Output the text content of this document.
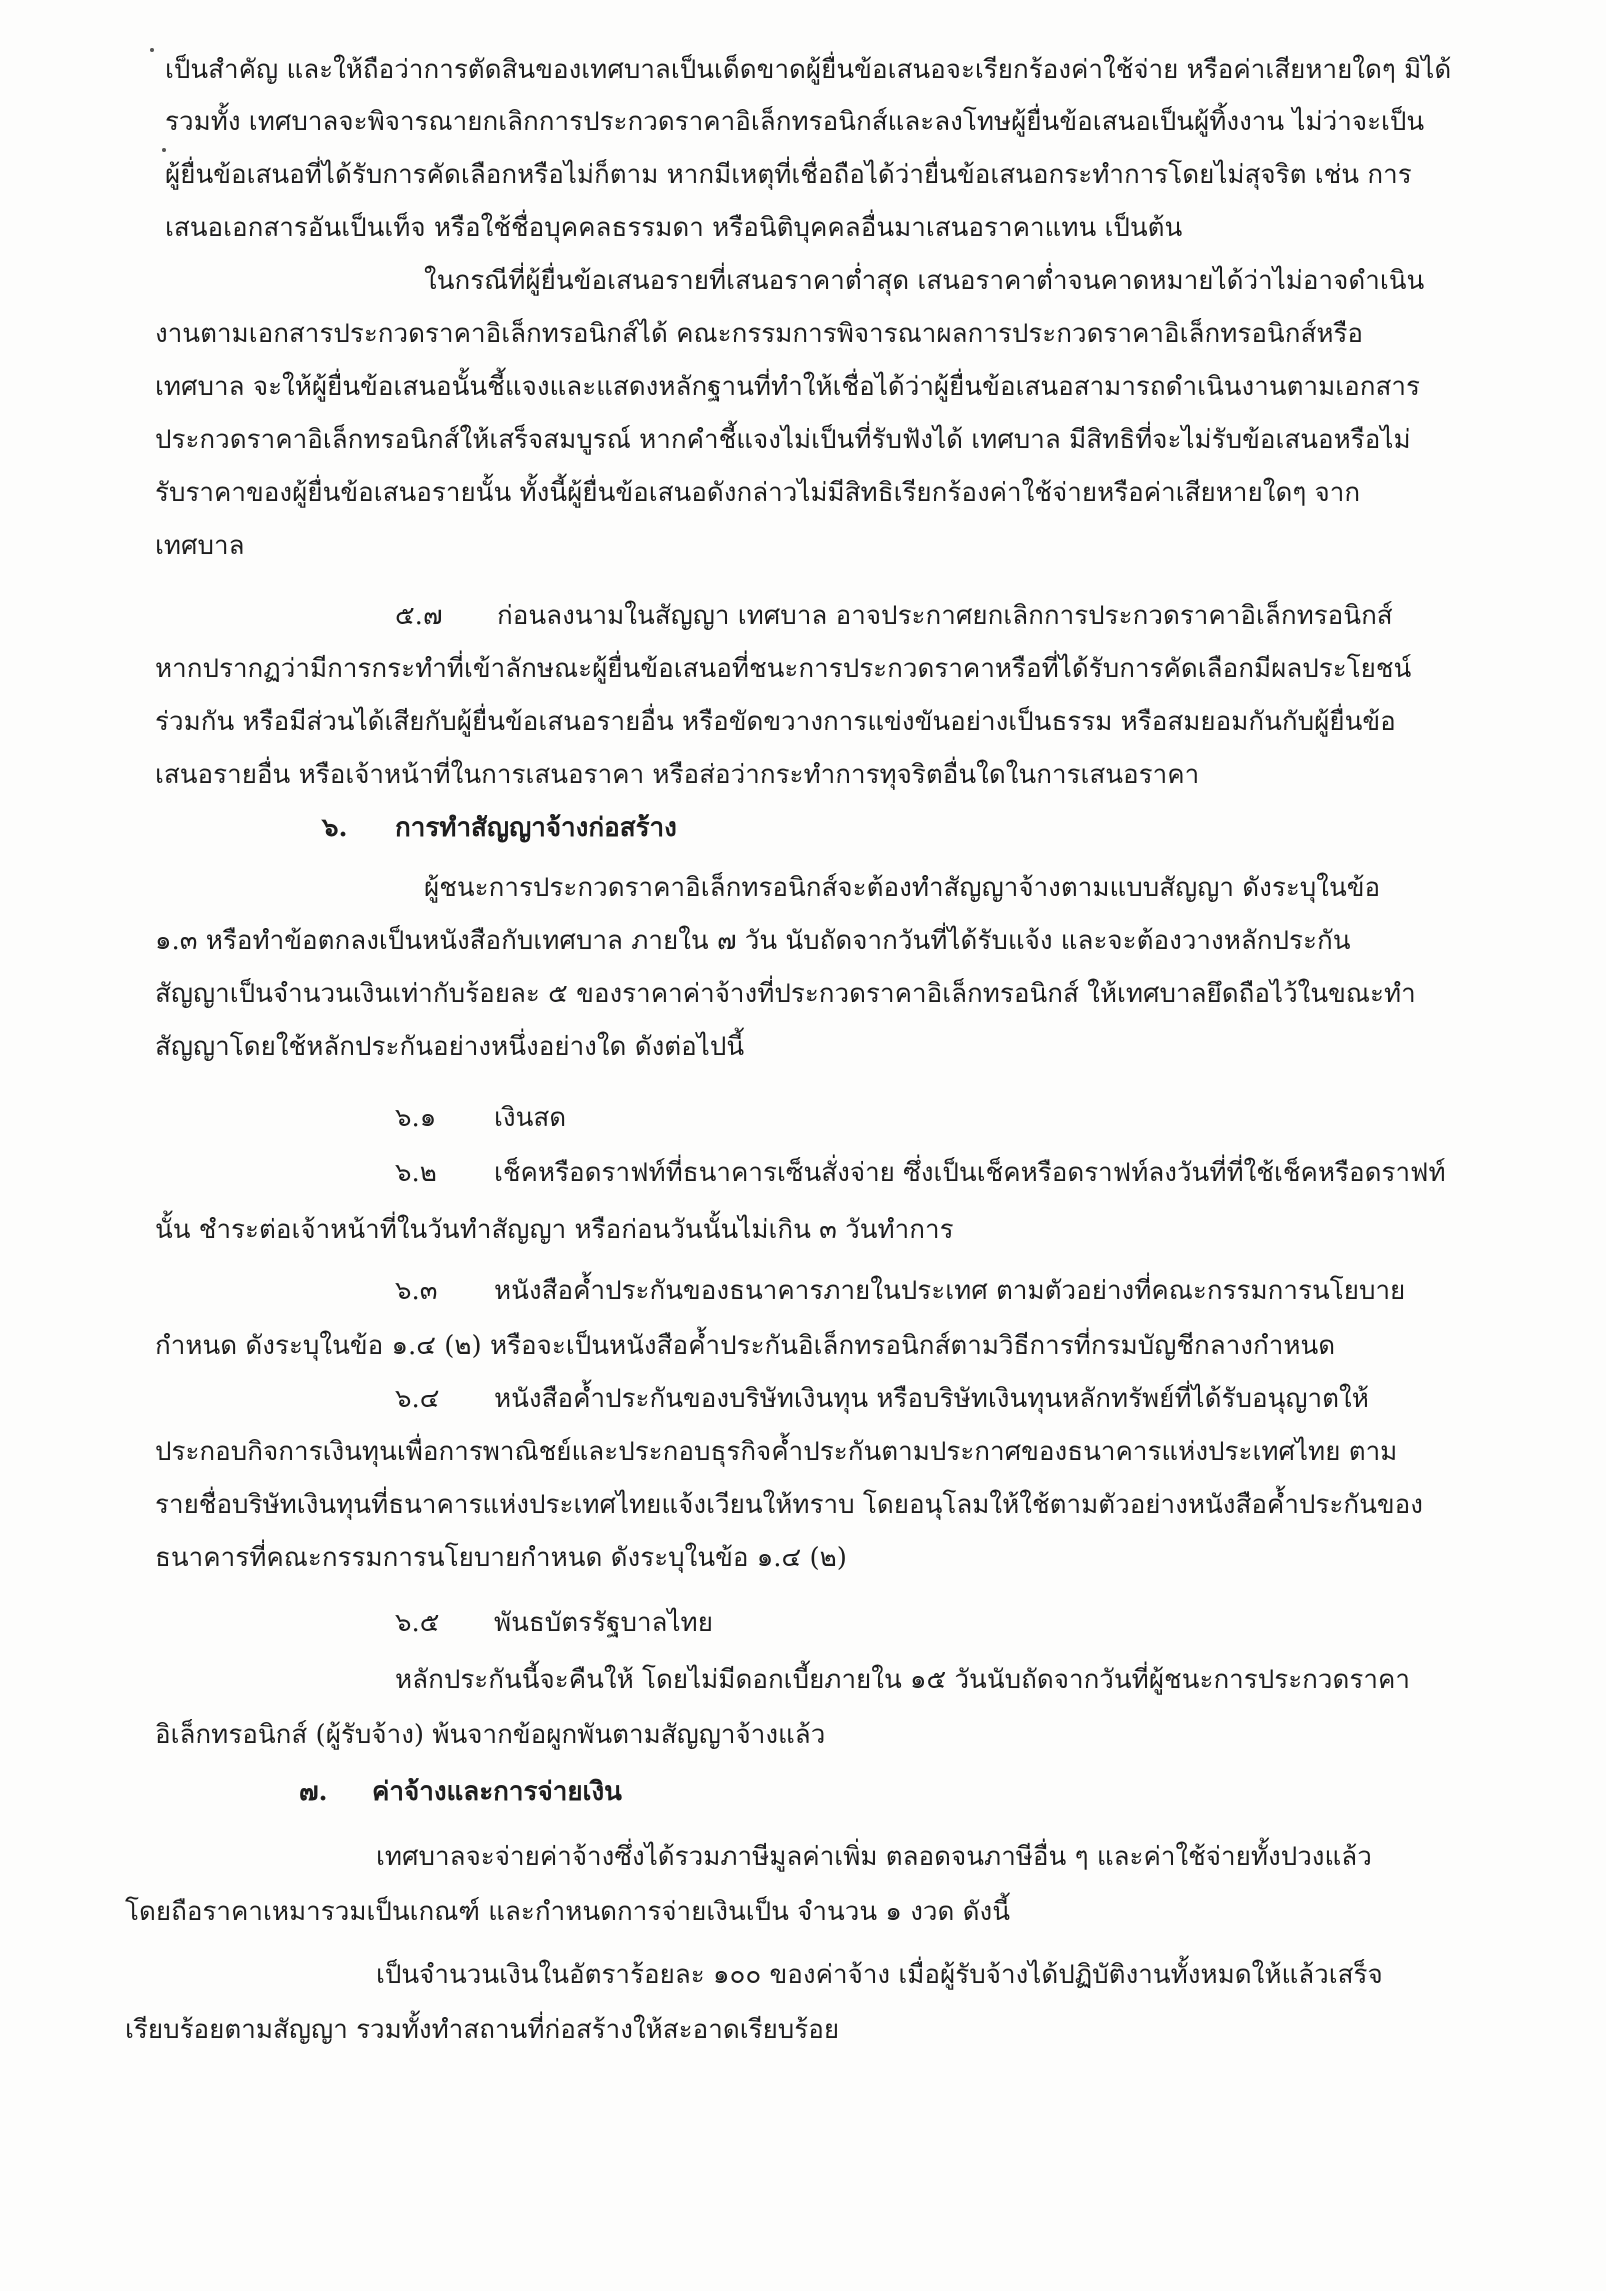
เป็นสำคัญ และให้ถือว่าการตัดสินของเทศบาลเป็นเด็ดขาดผู้ยื่นข้อเสนอจะเรียกร้องค่าใช้จ่าย หรือค่าเสียหายใดๆ มิได้
รวมทั้ง เทศบาลจะพิจารณายกเลิกการประกวดราคาอิเล็กทรอนิกส์และลงโทษผู้ยื่นข้อเสนอเป็นผู้ทิ้งงาน ไม่ว่าจะเป็น
ผู้ยื่นข้อเสนอที่ได้รับการคัดเลือกหรือไม่ก็ตาม หากมีเหตุที่เชื่อถือได้ว่ายื่นข้อเสนอกระทำการโดยไม่สุจริต เช่น การ
เสนอเอกสารอันเป็นเท็จ หรือใช้ชื่อบุคคลธรรมดา หรือนิติบุคคลอื่นมาเสนอราคาแทน เป็นต้น
ในกรณีที่ผู้ยื่นข้อเสนอรายที่เสนอราคาต่ำสุด เสนอราคาต่ำจนคาดหมายได้ว่าไม่อาจดำเนิน
งานตามเอกสารประกวดราคาอิเล็กทรอนิกส์ได้ คณะกรรมการพิจารณาผลการประกวดราคาอิเล็กทรอนิกส์หรือ
เทศบาล จะให้ผู้ยื่นข้อเสนอนั้นชี้แจงและแสดงหลักฐานที่ทำให้เชื่อได้ว่าผู้ยื่นข้อเสนอสามารถดำเนินงานตามเอกสาร
ประกวดราคาอิเล็กทรอนิกส์ให้เสร็จสมบูรณ์ หากคำชี้แจงไม่เป็นที่รับฟังได้ เทศบาล มีสิทธิที่จะไม่รับข้อเสนอหรือไม่
รับราคาของผู้ยื่นข้อเสนอรายนั้น ทั้งนี้ผู้ยื่นข้อเสนอดังกล่าวไม่มีสิทธิเรียกร้องค่าใช้จ่ายหรือค่าเสียหายใดๆ จาก
เทศบาล
๕.๗ ก่อนลงนามในสัญญา เทศบาล อาจประกาศยกเลิกการประกวดราคาอิเล็กทรอนิกส์
หากปรากฏว่ามีการกระทำที่เข้าลักษณะผู้ยื่นข้อเสนอที่ชนะการประกวดราคาหรือที่ได้รับการคัดเลือกมีผลประโยชน์
ร่วมกัน หรือมีส่วนได้เสียกับผู้ยื่นข้อเสนอรายอื่น หรือขัดขวางการแข่งขันอย่างเป็นธรรม หรือสมยอมกันกับผู้ยื่นข้อ
เสนอรายอื่น หรือเจ้าหน้าที่ในการเสนอราคา หรือส่อว่ากระทำการทุจริตอื่นใดในการเสนอราคา
๖. การทำสัญญาจ้างก่อสร้าง
ผู้ชนะการประกวดราคาอิเล็กทรอนิกส์จะต้องทำสัญญาจ้างตามแบบสัญญา ดังระบุในข้อ
๑.๓ หรือทำข้อตกลงเป็นหนังสือกับเทศบาล ภายใน ๗ วัน นับถัดจากวันที่ได้รับแจ้ง และจะต้องวางหลักประกัน
สัญญาเป็นจำนวนเงินเท่ากับร้อยละ ๕ ของราคาค่าจ้างที่ประกวดราคาอิเล็กทรอนิกส์ ให้เทศบาลยึดถือไว้ในขณะทำ
สัญญาโดยใช้หลักประกันอย่างหนึ่งอย่างใด ดังต่อไปนี้
๖.๑ เงินสด
๖.๒ เช็คหรือดราฟท์ที่ธนาคารเซ็นสั่งจ่าย ซึ่งเป็นเช็คหรือดราฟท์ลงวันที่ที่ใช้เช็คหรือดราฟท์
นั้น ชำระต่อเจ้าหน้าที่ในวันทำสัญญา หรือก่อนวันนั้นไม่เกิน ๓ วันทำการ
๖.๓ หนังสือค้ำประกันของธนาคารภายในประเทศ ตามตัวอย่างที่คณะกรรมการนโยบาย
กำหนด ดังระบุในข้อ ๑.๔ (๒) หรือจะเป็นหนังสือค้ำประกันอิเล็กทรอนิกส์ตามวิธีการที่กรมบัญชีกลางกำหนด
๖.๔ หนังสือค้ำประกันของบริษัทเงินทุน หรือบริษัทเงินทุนหลักทรัพย์ที่ได้รับอนุญาตให้
ประกอบกิจการเงินทุนเพื่อการพาณิชย์และประกอบธุรกิจค้ำประกันตามประกาศของธนาคารแห่งประเทศไทย ตาม
รายชื่อบริษัทเงินทุนที่ธนาคารแห่งประเทศไทยแจ้งเวียนให้ทราบ โดยอนุโลมให้ใช้ตามตัวอย่างหนังสือค้ำประกันของ
ธนาคารที่คณะกรรมการนโยบายกำหนด ดังระบุในข้อ ๑.๔ (๒)
๖.๕ พันธบัตรรัฐบาลไทย
หลักประกันนี้จะคืนให้ โดยไม่มีดอกเบี้ยภายใน ๑๕ วันนับถัดจากวันที่ผู้ชนะการประกวดราคา
อิเล็กทรอนิกส์ (ผู้รับจ้าง) พ้นจากข้อผูกพันตามสัญญาจ้างแล้ว
๗. ค่าจ้างและการจ่ายเงิน
เทศบาลจะจ่ายค่าจ้างซึ่งได้รวมภาษีมูลค่าเพิ่ม ตลอดจนภาษีอื่น ๆ และค่าใช้จ่ายทั้งปวงแล้ว
โดยถือราคาเหมารวมเป็นเกณฑ์ และกำหนดการจ่ายเงินเป็น จำนวน ๑ งวด ดังนี้
เป็นจำนวนเงินในอัตราร้อยละ ๑๐๐ ของค่าจ้าง เมื่อผู้รับจ้างได้ปฏิบัติงานทั้งหมดให้แล้วเสร็จ
เรียบร้อยตามสัญญา รวมทั้งทำสถานที่ก่อสร้างให้สะอาดเรียบร้อย
